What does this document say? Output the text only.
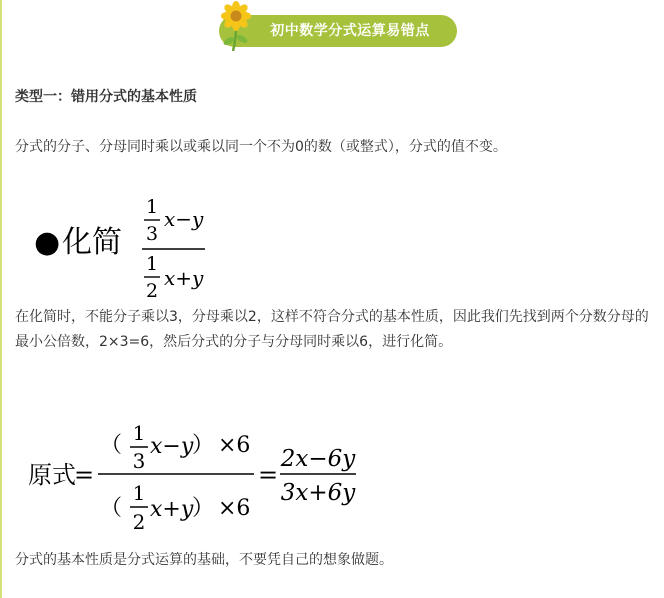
初中数学分式运算易错点
类型一：错用分式的基本性质
分式的分子、分母同时乘以或乘以同一个不为0的数（或整式），分式的值不变。
● 化简
1
3
x−y
1
2
x+y
在化简时，不能分子乘以3，分母乘以2，这样不符合分式的基本性质，因此我们先找到两个分数分母的最小公倍数，2×3=6，然后分式的分子与分母同时乘以6，进行化简。
原式
=
（ 1
3
x−y
） ×6
（
1
2 x+y
） ×6
=
2x−6y
3x+6y
分式的基本性质是分式运算的基础，不要凭自己的想象做题。
